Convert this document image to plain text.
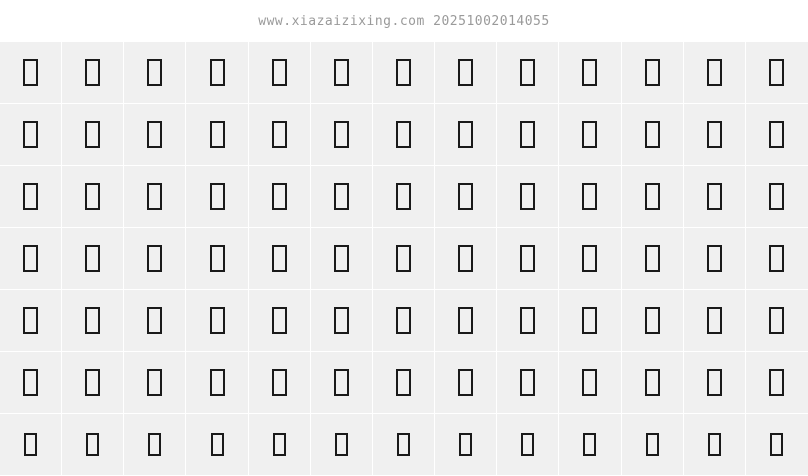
www.xiazaizixing.com 20251002014055
